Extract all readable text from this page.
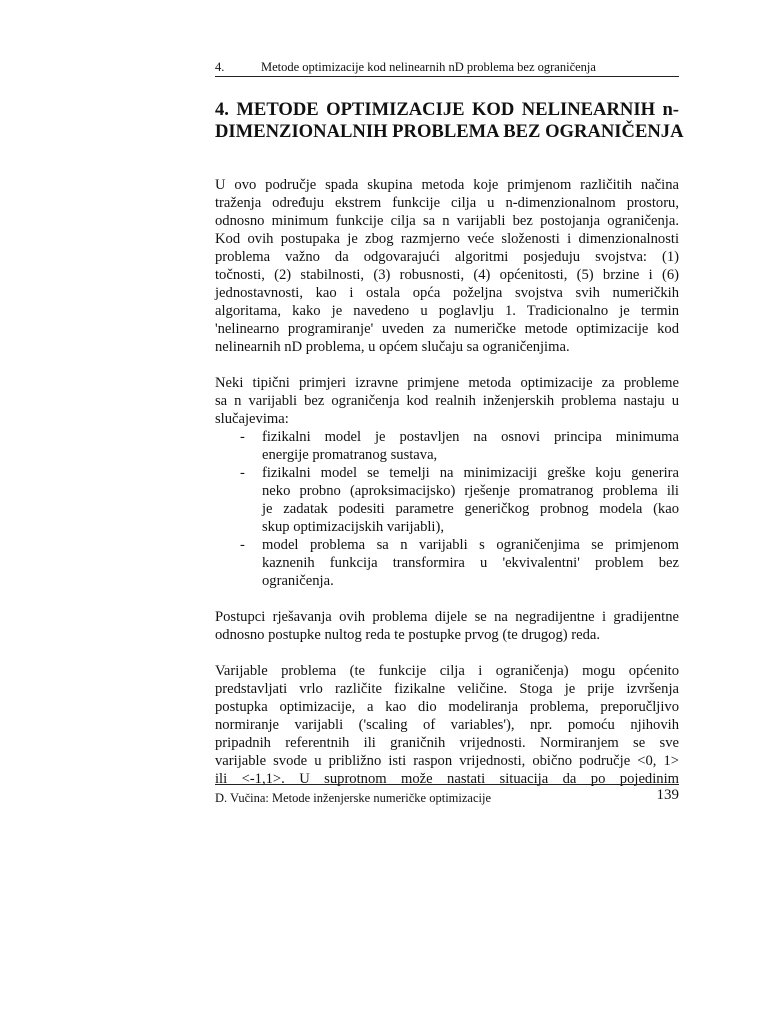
4.	Metode optimizacije kod nelinearnih nD problema bez ograničenja
4. METODE OPTIMIZACIJE KOD NELINEARNIH n-
DIMENZIONALNIH PROBLEMA BEZ OGRANIČENJA

U ovo područje spada skupina metoda koje primjenom različitih načina
traženja određuju ekstrem funkcije cilja u n-dimenzionalnom prostoru,
odnosno minimum funkcije cilja sa n varijabli bez postojanja ograničenja.
Kod ovih postupaka je zbog razmjerno veće složenosti i dimenzionalnosti
problema važno da odgovarajući algoritmi posjeduju svojstva: (1)
točnosti, (2) stabilnosti, (3) robusnosti, (4) općenitosti, (5) brzine i (6)
jednostavnosti, kao i ostala opća poželjna svojstva svih numeričkih
algoritama, kako je navedeno u poglavlju 1. Tradicionalno je termin
'nelinearno programiranje' uveden za numeričke metode optimizacije kod
nelinearnih nD problema, u općem slučaju sa ograničenjima.

Neki tipični primjeri izravne primjene metoda optimizacije za probleme
sa n varijabli bez ograničenja kod realnih inženjerskih problema nastaju u
slučajevima:
- fizikalni model je postavljen na osnovi principa minimuma
energije promatranog sustava,
- fizikalni model se temelji na minimizaciji greške koju generira
neko probno (aproksimacijsko) rješenje promatranog problema ili
je zadatak podesiti parametre generičkog probnog modela (kao
skup optimizacijskih varijabli),
- model problema sa n varijabli s ograničenjima se primjenom
kaznenih funkcija transformira u 'ekvivalentni' problem bez
ograničenja.

Postupci rješavanja ovih problema dijele se na negradijentne i gradijentne
odnosno postupke nultog reda te postupke prvog (te drugog) reda.

Varijable problema (te funkcije cilja i ograničenja) mogu općenito
predstavljati vrlo različite fizikalne veličine. Stoga je prije izvršenja
postupka optimizacije, a kao dio modeliranja problema, preporučljivo
normiranje varijabli ('scaling of variables'), npr. pomoću njihovih
pripadnih referentnih ili graničnih vrijednosti. Normiranjem se sve
varijable svode u približno isti raspon vrijednosti, obično područje <0, 1>
ili <-1,1>. U suprotnom može nastati situacija da po pojedinim

D. Vučina: Metode inženjerske numeričke optimizacije	139
